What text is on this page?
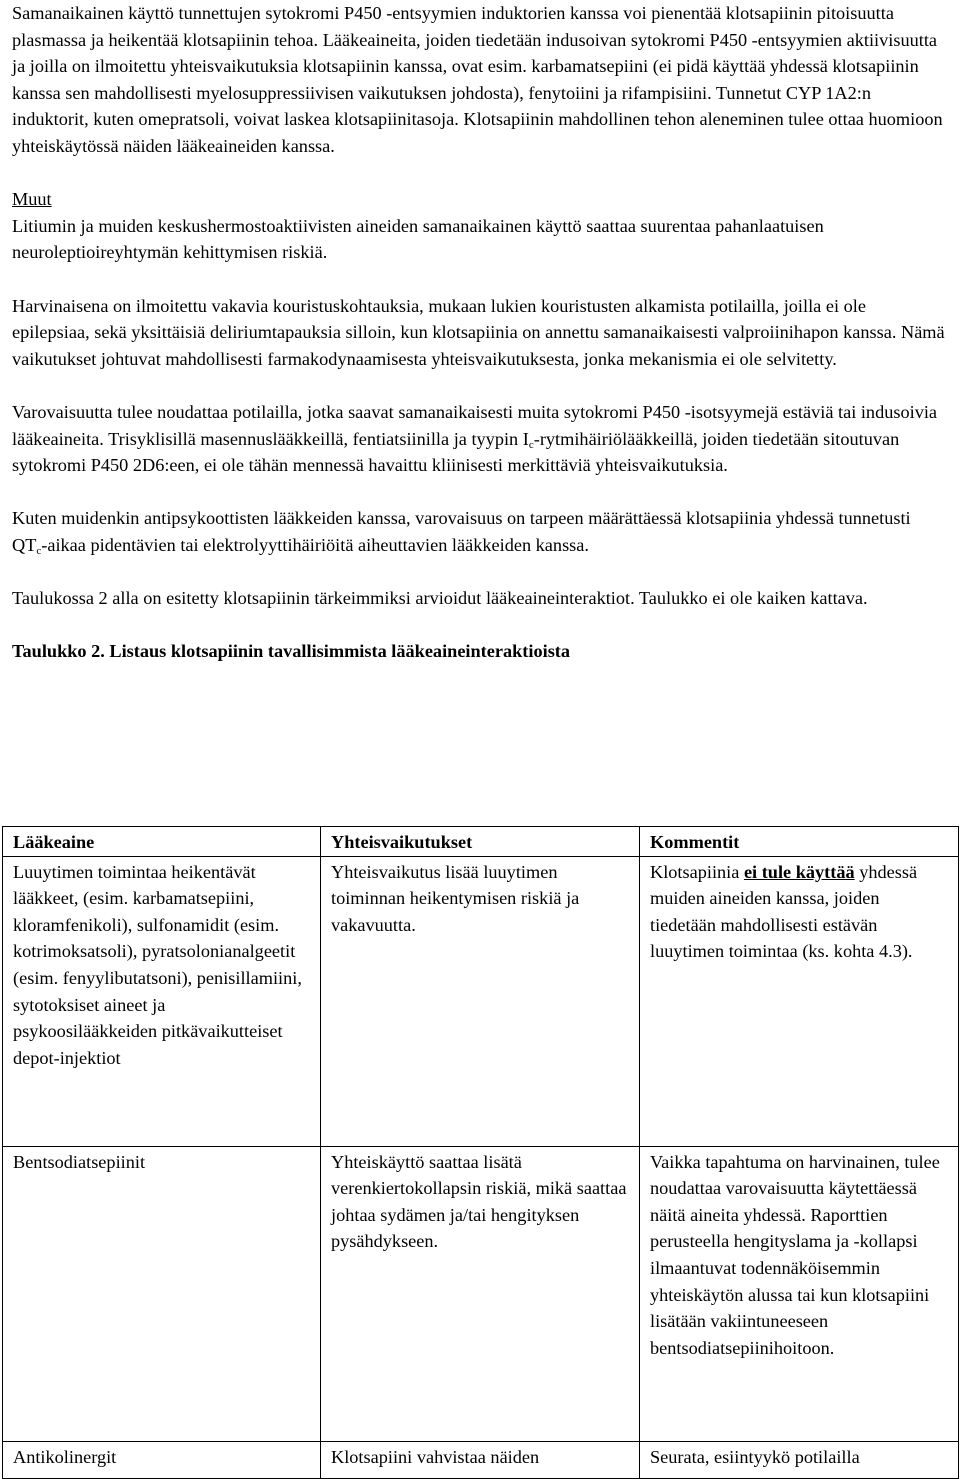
Samanaikainen käyttö tunnettujen sytokromi P450 -entsyymien induktorien kanssa voi pienentää klotsapiinin pitoisuutta plasmassa ja heikentää klotsapiinin tehoa. Lääkeaineita, joiden tiedetään indusoivan sytokromi P450 -entsyymien aktiivisuutta ja joilla on ilmoitettu yhteisvaikutuksia klotsapiinin kanssa, ovat esim. karbamatsepiini (ei pidä käyttää yhdessä klotsapiinin kanssa sen mahdollisesti myelosuppressiivisen vaikutuksen johdosta), fenytoiini ja rifampisiini. Tunnetut CYP 1A2:n induktorit, kuten omepratsoli, voivat laskea klotsapiinitasoja. Klotsapiinin mahdollinen tehon aleneminen tulee ottaa huomioon yhteiskäytössä näiden lääkeaineiden kanssa.

Muut

Litiumin ja muiden keskushermostoaktiivisten aineiden samanaikainen käyttö saattaa suurentaa pahanlaatuisen neuroleptioireyhtymän kehittymisen riskiä.

Harvinaisena on ilmoitettu vakavia kouristuskohtauksia, mukaan lukien kouristusten alkamista potilailla, joilla ei ole epilepsiaa, sekä yksittäisiä deliriumtapauksia silloin, kun klotsapiinia on annettu samanaikaisesti valproiinihapon kanssa. Nämä vaikutukset johtuvat mahdollisesti farmakodynaamisesta yhteisvaikutuksesta, jonka mekanismia ei ole selvitetty.

Varovaisuutta tulee noudattaa potilailla, jotka saavat samanaikaisesti muita sytokromi P450 -isotsyymejä estäviä tai indusoivia lääkeaineita. Trisyklisillä masennuslääkkeillä, fentiatsiinilla ja tyypin $I_c$-rytmihäiriölääkkeillä, joiden tiedetään sitoutuvan sytokromi P450 2D6:een, ei ole tähän mennessä havaittu kliinisesti merkittäviä yhteisvaikutuksia.

Kuten muidenkin antipsykoottisten lääkkeiden kanssa, varovaisuus on tarpeen määrättäessä klotsapiinia yhdessä tunnetusti $QT_c$-aikaa pidentävien tai elektrolyyttihäiriöitä aiheuttavien lääkkeiden kanssa.

Taulukossa 2 alla on esitetty klotsapiinin tärkeimmiksi arvioidut lääkeaineinteraktiot. Taulukko ei ole kaiken kattava.

Taulukko 2. Listaus klotsapiinin tavallisimmista lääkeaineinteraktioista

Lääkeaine	Yhteisvaikutukset	Kommentit
Luuytimen toimintaa heikentävät lääkkeet, (esim. karbamatsepiini, kloramfenikoli), sulfonamidit (esim. kotrimoksatsoli), pyratsolonianalgeetit (esim. fenyylibutatsoni), penisillamiini, sytotoksiset aineet ja psykoosilääkkeiden pitkävaikutteiset depot-injektiot	Yhteisvaikutus lisää luuytimen toiminnan heikentymisen riskiä ja vakavuutta.	Klotsapiinia ei tule käyttää yhdessä muiden aineiden kanssa, joiden tiedetään mahdollisesti estävän luuytimen toimintaa (ks. kohta 4.3).
Bentsodiatsepiinit	Yhteiskäyttö saattaa lisätä verenkiertokollapsin riskiä, mikä saattaa johtaa sydämen ja/tai hengityksen pysähdykseen.	Vaikka tapahtuma on harvinainen, tulee noudattaa varovaisuutta käytettäessä näitä aineita yhdessä. Raporttien perusteella hengityslama ja -kollapsi ilmaantuvat todennäköisemmin yhteiskäytön alussa tai kun klotsapiini lisätään vakiintuneeseen bentsodiatsepiinihoitoon.
Antikolinergit	Klotsapiini vahvistaa näiden	Seurata, esiintyykö potilailla
